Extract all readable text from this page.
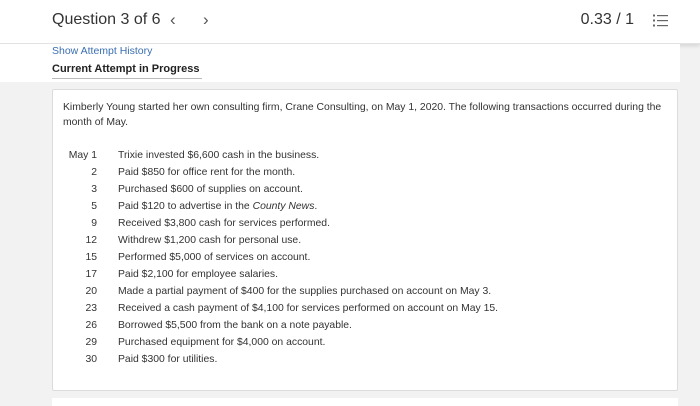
Question 3 of 6 ‹ ›	0.33 / 1
Show Attempt History
Current Attempt in Progress

Kimberly Young started her own consulting firm, Crane Consulting, on May 1, 2020. The following transactions occurred during the month of May.

May 1 Trixie invested $6,600 cash in the business.
2 Paid $850 for office rent for the month.
3 Purchased $600 of supplies on account.
5 Paid $120 to advertise in the County News.
9 Received $3,800 cash for services performed.
12 Withdrew $1,200 cash for personal use.
15 Performed $5,000 of services on account.
17 Paid $2,100 for employee salaries.
20 Made a partial payment of $400 for the supplies purchased on account on May 3.
23 Received a cash payment of $4,100 for services performed on account on May 15.
26 Borrowed $5,500 from the bank on a note payable.
29 Purchased equipment for $4,000 on account.
30 Paid $300 for utilities.
